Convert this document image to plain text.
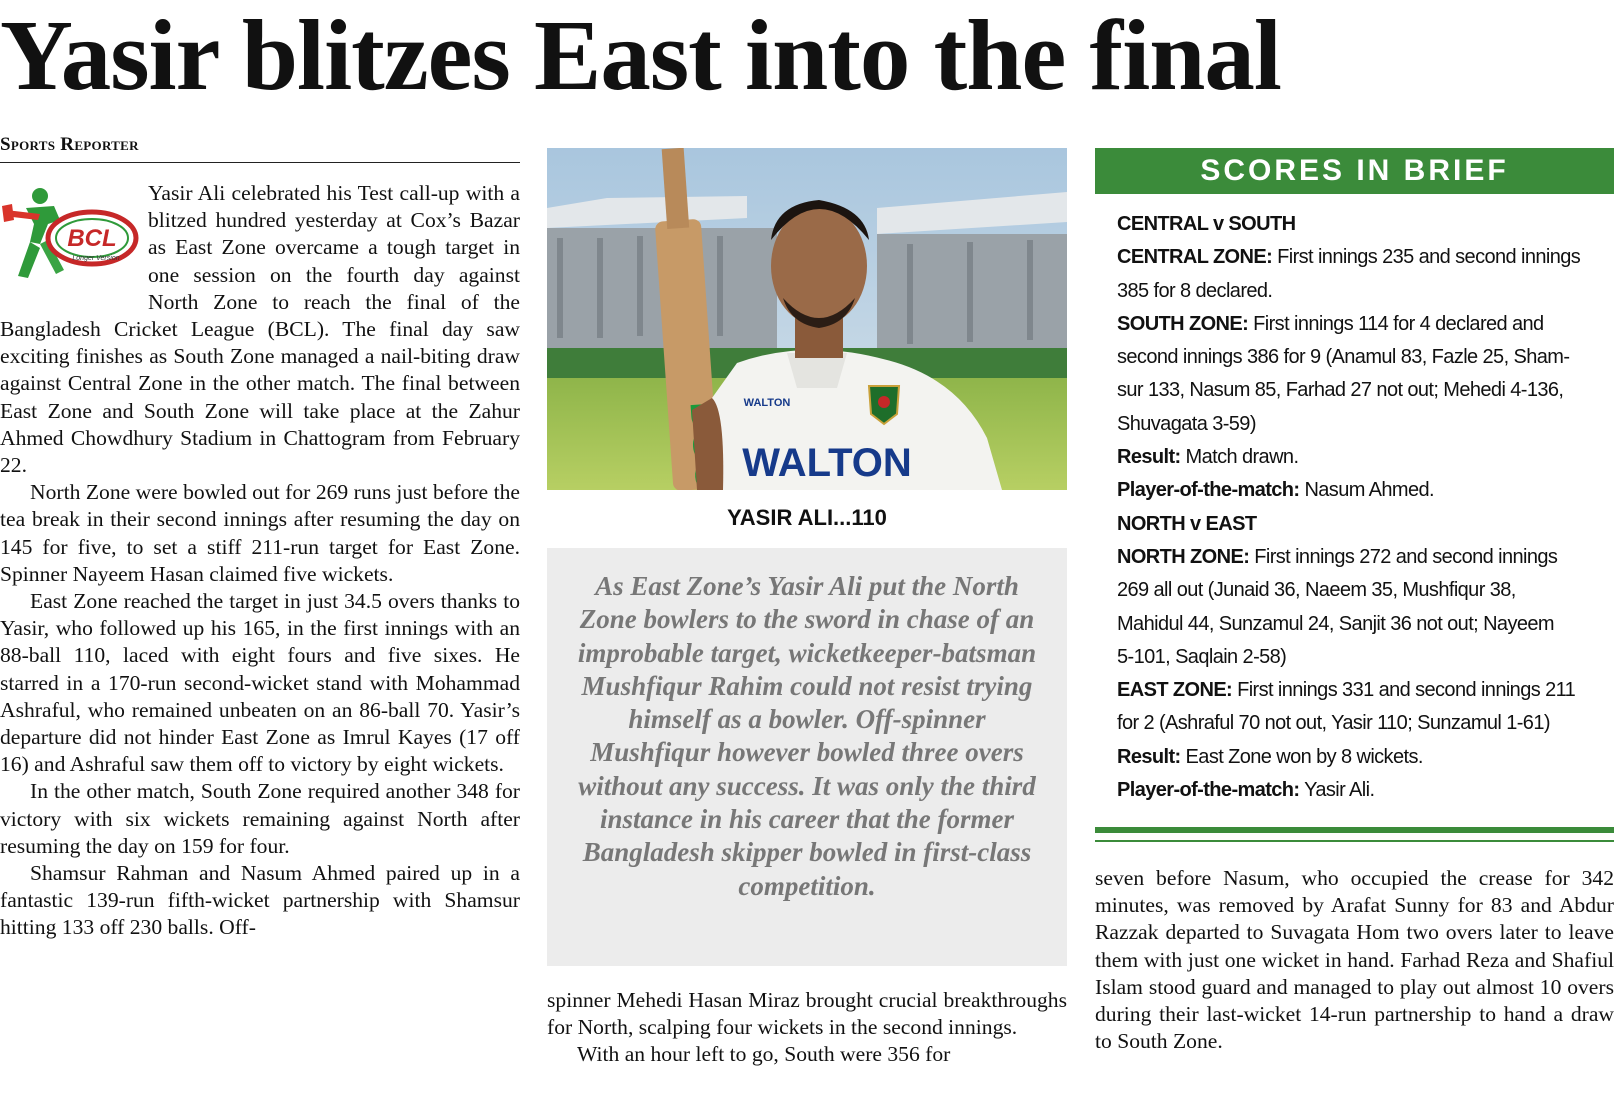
Yasir blitzes East into the final
Sports Reporter
BCL
Longer Version

Yasir Ali celebrated his Test call-up with a blitzed hundred yesterday at Cox’s Bazar as East Zone overcame a tough target in one session on the fourth day against North Zone to reach the final of the Bangladesh Cricket League (BCL). The final day saw exciting finishes as South Zone managed a nail-biting draw against Central Zone in the other match. The final between East Zone and South Zone will take place at the Zahur Ahmed Chowdhury Stadium in Chattogram from February 22.

North Zone were bowled out for 269 runs just before the tea break in their second innings after resuming the day on 145 for five, to set a stiff 211-run target for East Zone. Spinner Nayeem Hasan claimed five wickets.

East Zone reached the target in just 34.5 overs thanks to Yasir, who followed up his 165, in the first innings with an 88-ball 110, laced with eight fours and five sixes. He starred in a 170-run second-wicket stand with Mohammad Ashraful, who remained unbeaten on an 86-ball 70. Yasir’s departure did not hinder East Zone as Imrul Kayes (17 off 16) and Ashraful saw them off to victory by eight wickets.

In the other match, South Zone required another 348 for victory with six wickets remaining against North after resuming the day on 159 for four.

Shamsur Rahman and Nasum Ahmed paired up in a fantastic 139-run fifth-wicket partnership with Shamsur hitting 133 off 230 balls. Off-

WALTON
WALTON
YASIR ALI...110

As East Zone’s Yasir Ali put the North Zone bowlers to the sword in chase of an improbable target, wicketkeeper-batsman Mushfiqur Rahim could not resist trying himself as a bowler. Off-spinner Mushfiqur however bowled three overs without any success. It was only the third instance in his career that the former Bangladesh skipper bowled in first-class competition.

spinner Mehedi Hasan Miraz brought crucial breakthroughs for North, scalping four wickets in the second innings.

With an hour left to go, South were 356 for

SCORES IN BRIEF

CENTRAL v SOUTH

CENTRAL ZONE: First innings 235 and second innings

385 for 8 declared.

SOUTH ZONE: First innings 114 for 4 declared and

second innings 386 for 9 (Anamul 83, Fazle 25, Sham-

sur 133, Nasum 85, Farhad 27 not out; Mehedi 4-136,

Shuvagata 3-59)

Result: Match drawn.

Player-of-the-match: Nasum Ahmed.

NORTH v EAST

NORTH ZONE: First innings 272 and second innings

269 all out (Junaid 36, Naeem 35, Mushfiqur 38,

Mahidul 44, Sunzamul 24, Sanjit 36 not out; Nayeem

5-101, Saqlain 2-58)

EAST ZONE: First innings 331 and second innings 211

for 2 (Ashraful 70 not out, Yasir 110; Sunzamul 1-61)

Result: East Zone won by 8 wickets.

Player-of-the-match: Yasir Ali.

seven before Nasum, who occupied the crease for 342 minutes, was removed by Arafat Sunny for 83 and Abdur Razzak departed to Suvagata Hom two overs later to leave them with just one wicket in hand. Farhad Reza and Shafiul Islam stood guard and managed to play out almost 10 overs during their last-wicket 14-run partnership to hand a draw to South Zone.
